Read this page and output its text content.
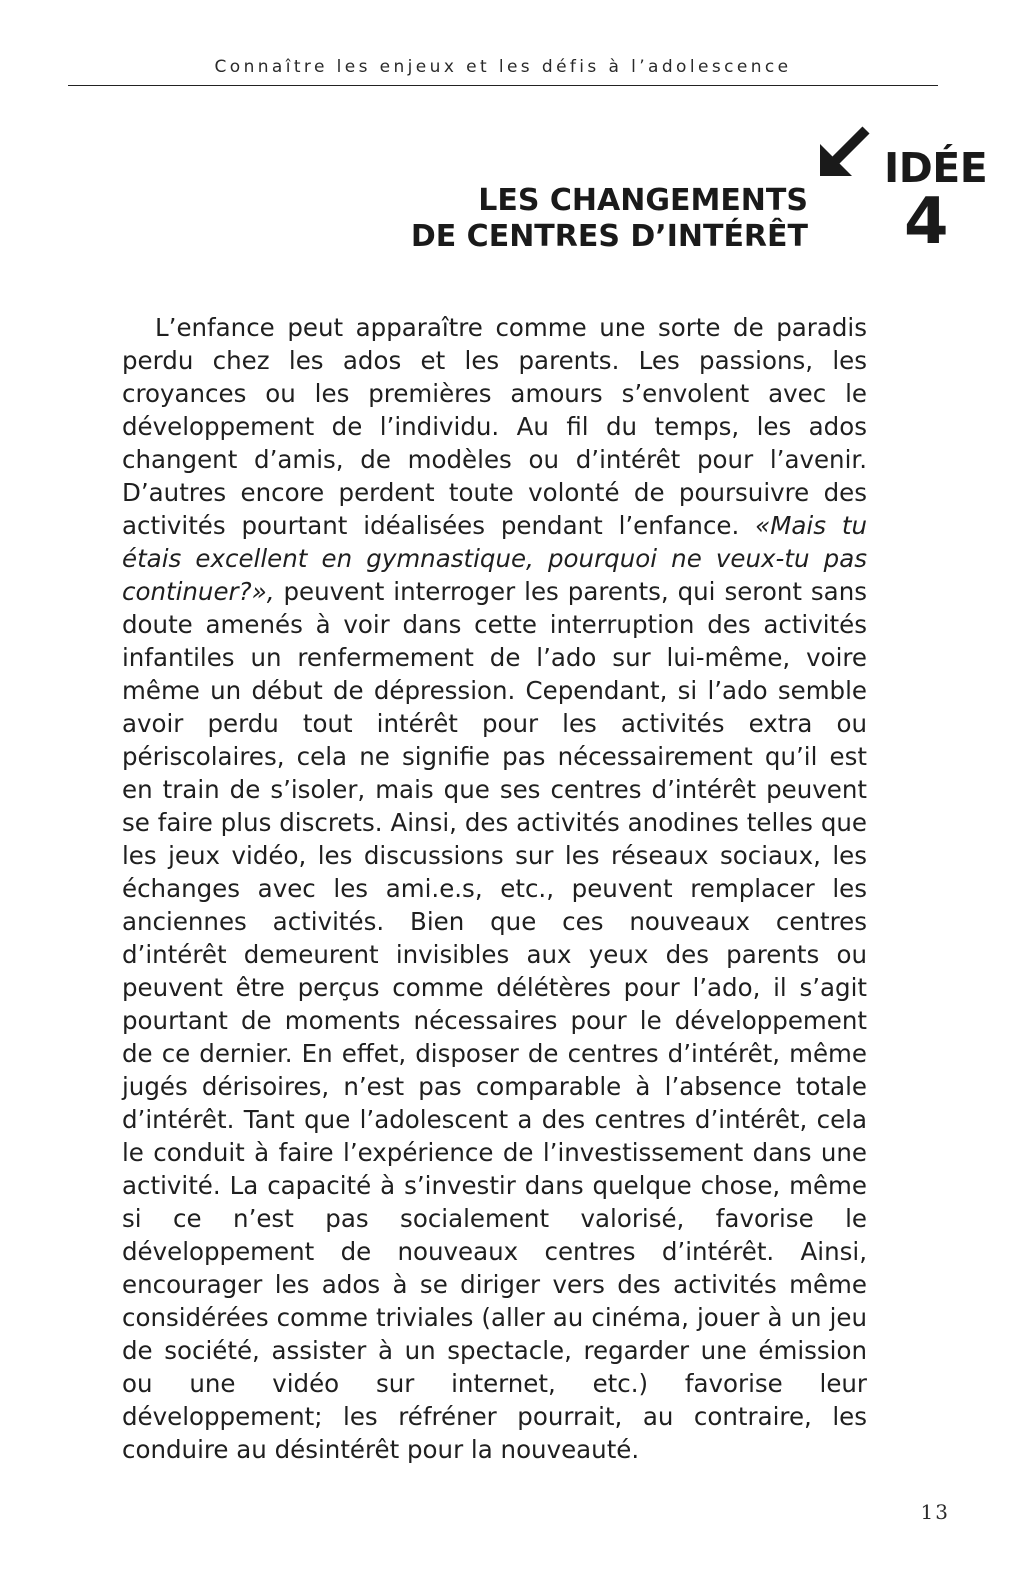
Connaître les enjeux et les défis à l’adolescence
LES CHANGEMENTS
DE CENTRES D’INTÉRÊT
IDÉE
4

L’enfance peut apparaître comme une sorte de paradis perdu chez les ados et les parents. Les passions, les croyances ou les premières amours s’envolent avec le développement de l’individu. Au fil du temps, les ados changent d’amis, de modèles ou d’intérêt pour l’avenir. D’autres encore perdent toute volonté de poursuivre des activités pourtant idéalisées pendant l’enfance. «Mais tu étais excellent en gymnastique, pourquoi ne veux-tu pas continuer?», peuvent interroger les parents, qui seront sans doute amenés à voir dans cette interruption des activités infantiles un renfermement de l’ado sur lui-même, voire même un début de dépression. Cependant, si l’ado semble avoir perdu tout intérêt pour les activités extra ou périscolaires, cela ne signifie pas nécessairement qu’il est en train de s’isoler, mais que ses centres d’intérêt peuvent se faire plus discrets. Ainsi, des activités anodines telles que les jeux vidéo, les discussions sur les réseaux sociaux, les échanges avec les ami.e.s, etc., peuvent remplacer les anciennes activités. Bien que ces nouveaux centres d’intérêt demeurent invisibles aux yeux des parents ou peuvent être perçus comme délétères pour l’ado, il s’agit pourtant de moments nécessaires pour le développement de ce dernier. En effet, disposer de centres d’intérêt, même jugés dérisoires, n’est pas comparable à l’absence totale d’intérêt. Tant que l’adolescent a des centres d’intérêt, cela le conduit à faire l’expérience de l’investissement dans une activité. La capacité à s’investir dans quelque chose, même si ce n’est pas socialement valorisé, favorise le développement de nouveaux centres d’intérêt. Ainsi, encourager les ados à se diriger vers des activités même considérées comme triviales (aller au cinéma, jouer à un jeu de société, assister à un spectacle, regarder une émission ou une vidéo sur internet, etc.) favorise leur développement; les réfréner pourrait, au contraire, les conduire au désintérêt pour la nouveauté.

13
